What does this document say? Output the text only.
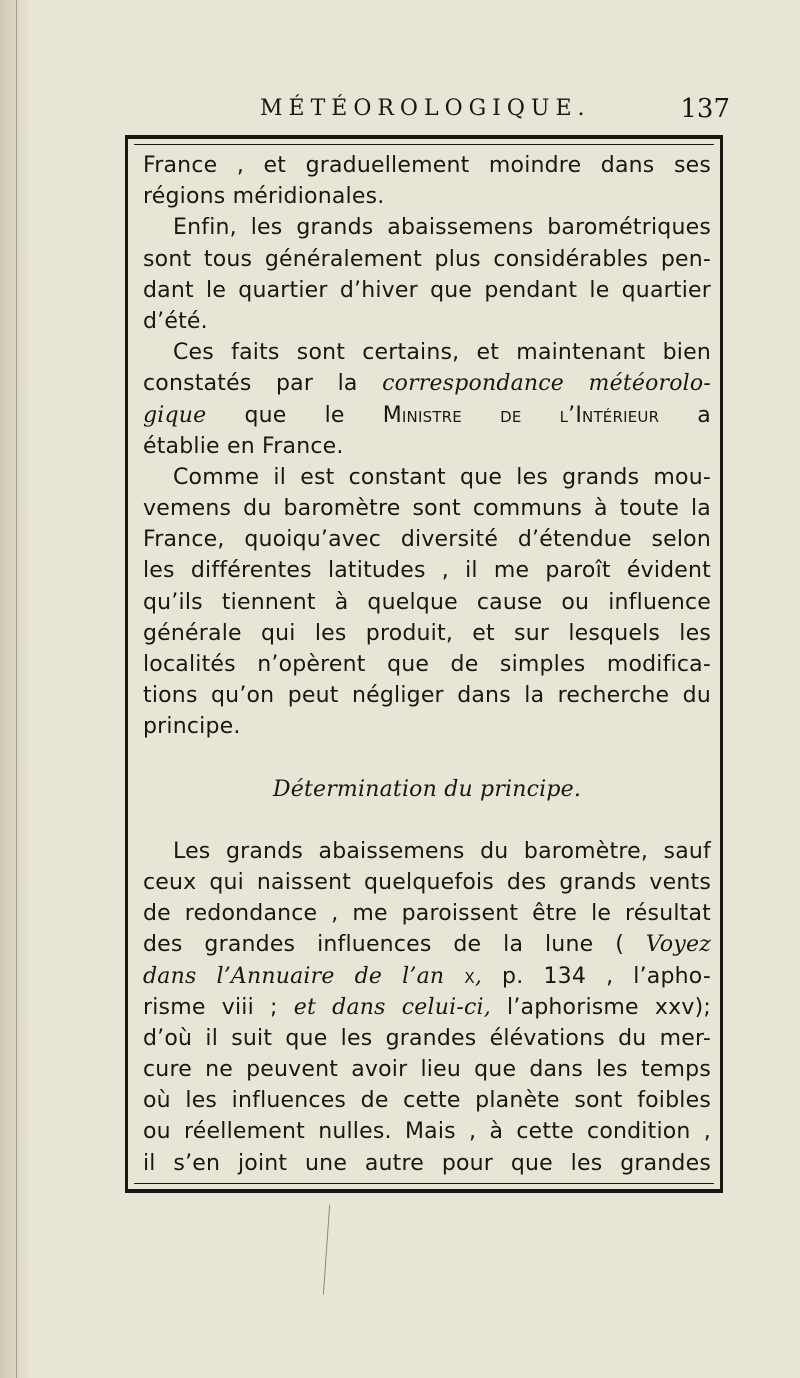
MÉTÉOROLOGIQUE.	137
France , et graduellement moindre dans ses
régions méridionales.
Enfin, les grands abaissemens barométriques
sont tous généralement plus considérables pen-
dant le quartier d’hiver que pendant le quartier
d’été.
Ces faits sont certains, et maintenant bien
constatés par la correspondance météorolo-
gique que le Ministre de l’Intérieur a
établie en France.
Comme il est constant que les grands mou-
vemens du baromètre sont communs à toute la
France, quoiqu’avec diversité d’étendue selon
les différentes latitudes , il me paroît évident
qu’ils tiennent à quelque cause ou influence
générale qui les produit, et sur lesquels les
localités n’opèrent que de simples modifica-
tions qu’on peut négliger dans la recherche du
principe.
Détermination du principe.
Les grands abaissemens du baromètre, sauf
ceux qui naissent quelquefois des grands vents
de redondance , me paroissent être le résultat
des grandes influences de la lune ( Voyez
dans l’Annuaire de l’an x, p. 134 , l’apho-
risme viii ; et dans celui-ci, l’aphorisme xxv);
d’où il suit que les grandes élévations du mer-
cure ne peuvent avoir lieu que dans les temps
où les influences de cette planète sont foibles
ou réellement nulles. Mais , à cette condition ,
il s’en joint une autre pour que les grandes
